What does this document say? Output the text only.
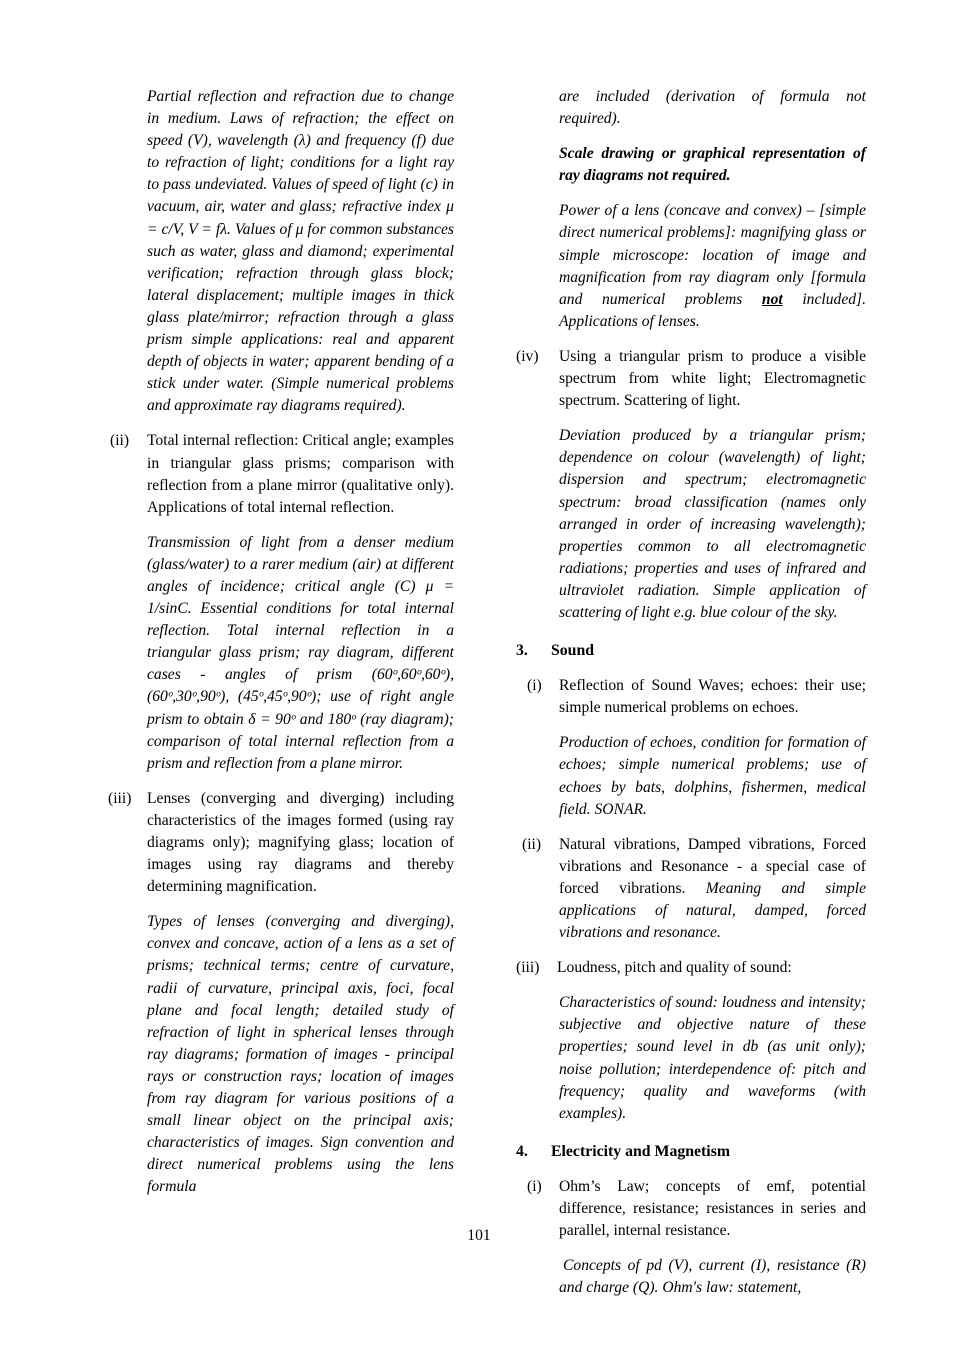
Partial reflection and refraction due to change in medium. Laws of refraction; the effect on speed (V), wavelength (λ) and frequency (f) due to refraction of light; conditions for a light ray to pass undeviated. Values of speed of light (c) in vacuum, air, water and glass; refractive index μ = c/V, V = fλ. Values of μ for common substances such as water, glass and diamond; experimental verification; refraction through glass block; lateral displacement; multiple images in thick glass plate/mirror; refraction through a glass prism simple applications: real and apparent depth of objects in water; apparent bending of a stick under water. (Simple numerical problems and approximate ray diagrams required).

(ii)	Total internal reflection: Critical angle; examples in triangular glass prisms; comparison with reflection from a plane mirror (qualitative only). Applications of total internal reflection.

Transmission of light from a denser medium (glass/water) to a rarer medium (air) at different angles of incidence; critical angle (C) μ = 1/sinC. Essential conditions for total internal reflection. Total internal reflection in a triangular glass prism; ray diagram, different cases - angles of prism (60ᵒ,60ᵒ,60ᵒ), (60ᵒ,30ᵒ,90ᵒ), (45ᵒ,45ᵒ,90ᵒ); use of right angle prism to obtain δ = 90ᵒ and 180ᵒ (ray diagram); comparison of total internal reflection from a prism and reflection from a plane mirror.

(iii)	Lenses (converging and diverging) including characteristics of the images formed (using ray diagrams only); magnifying glass; location of images using ray diagrams and thereby determining magnification.

Types of lenses (converging and diverging), convex and concave, action of a lens as a set of prisms; technical terms; centre of curvature, radii of curvature, principal axis, foci, focal plane and focal length; detailed study of refraction of light in spherical lenses through ray diagrams; formation of images - principal rays or construction rays; location of images from ray diagram for various positions of a small linear object on the principal axis; characteristics of images. Sign convention and direct numerical problems using the lens formula

are included (derivation of formula not required).

Scale drawing or graphical representation of ray diagrams not required.

Power of a lens (concave and convex) – [simple direct numerical problems]: magnifying glass or simple microscope: location of image and magnification from ray diagram only [formula and numerical problems not included]. Applications of lenses.

(iv)	Using a triangular prism to produce a visible spectrum from white light; Electromagnetic spectrum. Scattering of light.

Deviation produced by a triangular prism; dependence on colour (wavelength) of light; dispersion and spectrum; electromagnetic spectrum: broad classification (names only arranged in order of increasing wavelength); properties common to all electromagnetic radiations; properties and uses of infrared and ultraviolet radiation. Simple application of scattering of light e.g. blue colour of the sky.

3.	Sound
(i)	Reflection of Sound Waves; echoes: their use; simple numerical problems on echoes.

Production of echoes, condition for formation of echoes; simple numerical problems; use of echoes by bats, dolphins, fishermen, medical field. SONAR.

(ii)	Natural vibrations, Damped vibrations, Forced vibrations and Resonance - a special case of forced vibrations. Meaning and simple applications of natural, damped, forced vibrations and resonance.
(iii)	Loudness, pitch and quality of sound:

Characteristics of sound: loudness and intensity; subjective and objective nature of these properties; sound level in db (as unit only); noise pollution; interdependence of: pitch and frequency; quality and waveforms (with examples).

4.	Electricity and Magnetism
(i)	Ohm’s Law; concepts of emf, potential difference, resistance; resistances in series and parallel, internal resistance.

Concepts of pd (V), current (I), resistance (R) and charge (Q). Ohm's law: statement,

101
